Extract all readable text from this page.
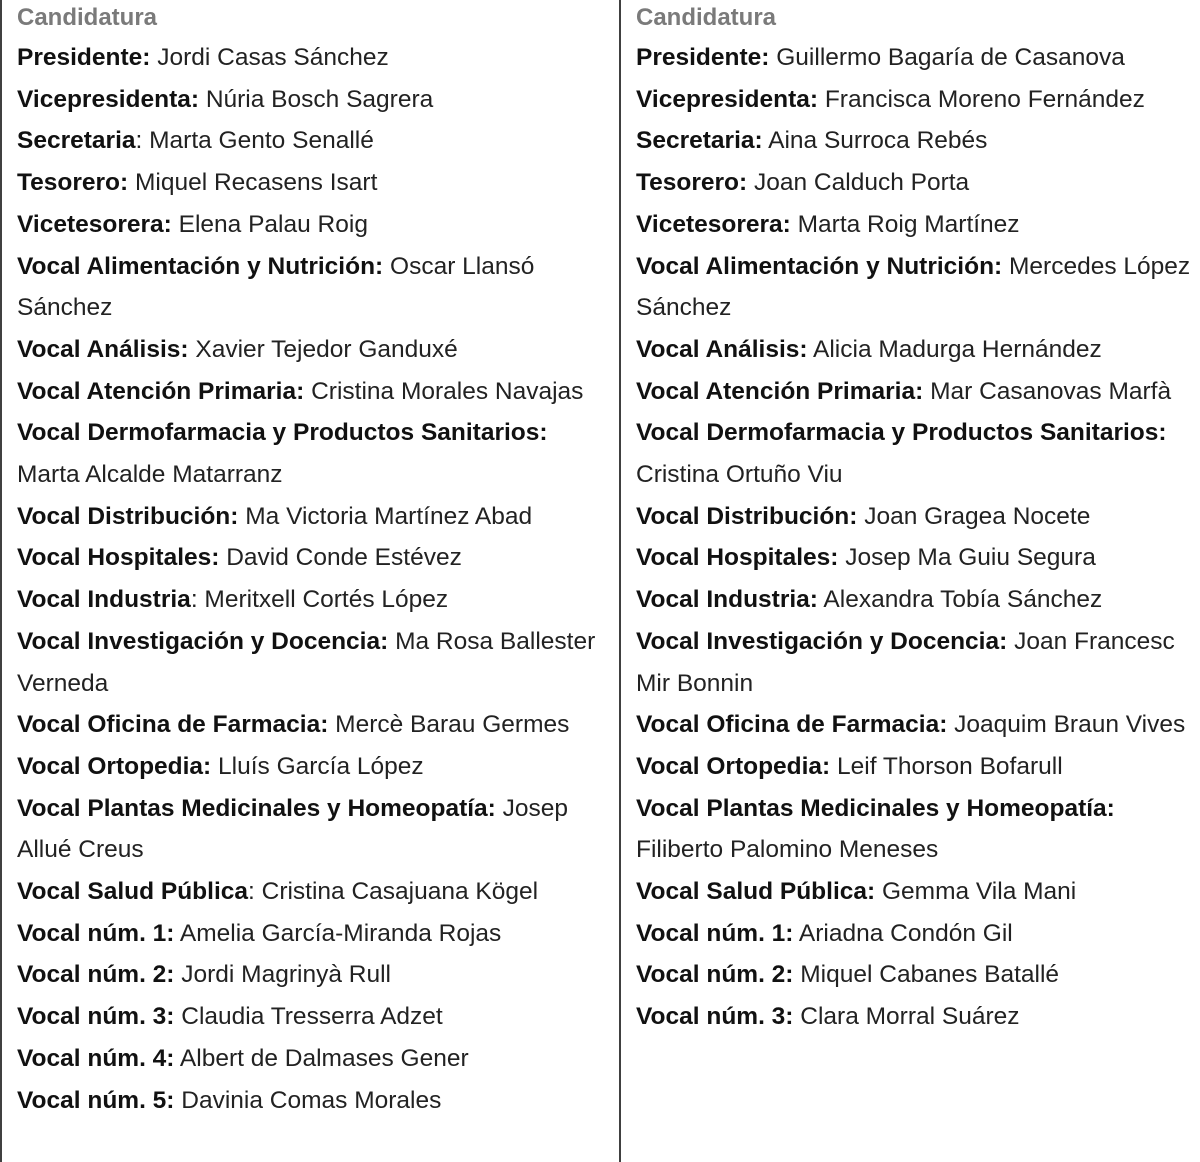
Candidatura

Presidente: Jordi Casas Sánchez
Vicepresidenta: Núria Bosch Sagrera
Secretaria: Marta Gento Senallé
Tesorero: Miquel Recasens Isart
Vicetesorera: Elena Palau Roig
Vocal Alimentación y Nutrición: Oscar Llansó Sánchez
Vocal Análisis: Xavier Tejedor Ganduxé
Vocal Atención Primaria: Cristina Morales Navajas
Vocal Dermofarmacia y Productos Sanitarios: Marta Alcalde Matarranz
Vocal Distribución: Ma Victoria Martínez Abad
Vocal Hospitales: David Conde Estévez
Vocal Industria: Meritxell Cortés López
Vocal Investigación y Docencia: Ma Rosa Ballester Verneda
Vocal Oficina de Farmacia: Mercè Barau Germes
Vocal Ortopedia: Lluís García López
Vocal Plantas Medicinales y Homeopatía: Josep Allué Creus
Vocal Salud Pública: Cristina Casajuana Kögel
Vocal núm. 1: Amelia García-Miranda Rojas
Vocal núm. 2: Jordi Magrinyà Rull
Vocal núm. 3: Claudia Tresserra Adzet
Vocal núm. 4: Albert de Dalmases Gener
Vocal núm. 5: Davinia Comas Morales

Candidatura

Presidente: Guillermo Bagaría de Casanova
Vicepresidenta: Francisca Moreno Fernández
Secretaria: Aina Surroca Rebés
Tesorero: Joan Calduch Porta
Vicetesorera: Marta Roig Martínez
Vocal Alimentación y Nutrición: Mercedes López Sánchez
Vocal Análisis: Alicia Madurga Hernández
Vocal Atención Primaria: Mar Casanovas Marfà
Vocal Dermofarmacia y Productos Sanitarios: Cristina Ortuño Viu
Vocal Distribución: Joan Gragea Nocete
Vocal Hospitales: Josep Ma Guiu Segura
Vocal Industria: Alexandra Tobía Sánchez
Vocal Investigación y Docencia: Joan Francesc Mir Bonnin
Vocal Oficina de Farmacia: Joaquim Braun Vives
Vocal Ortopedia: Leif Thorson Bofarull
Vocal Plantas Medicinales y Homeopatía: Filiberto Palomino Meneses
Vocal Salud Pública: Gemma Vila Mani
Vocal núm. 1: Ariadna Condón Gil
Vocal núm. 2: Miquel Cabanes Batallé
Vocal núm. 3: Clara Morral Suárez
